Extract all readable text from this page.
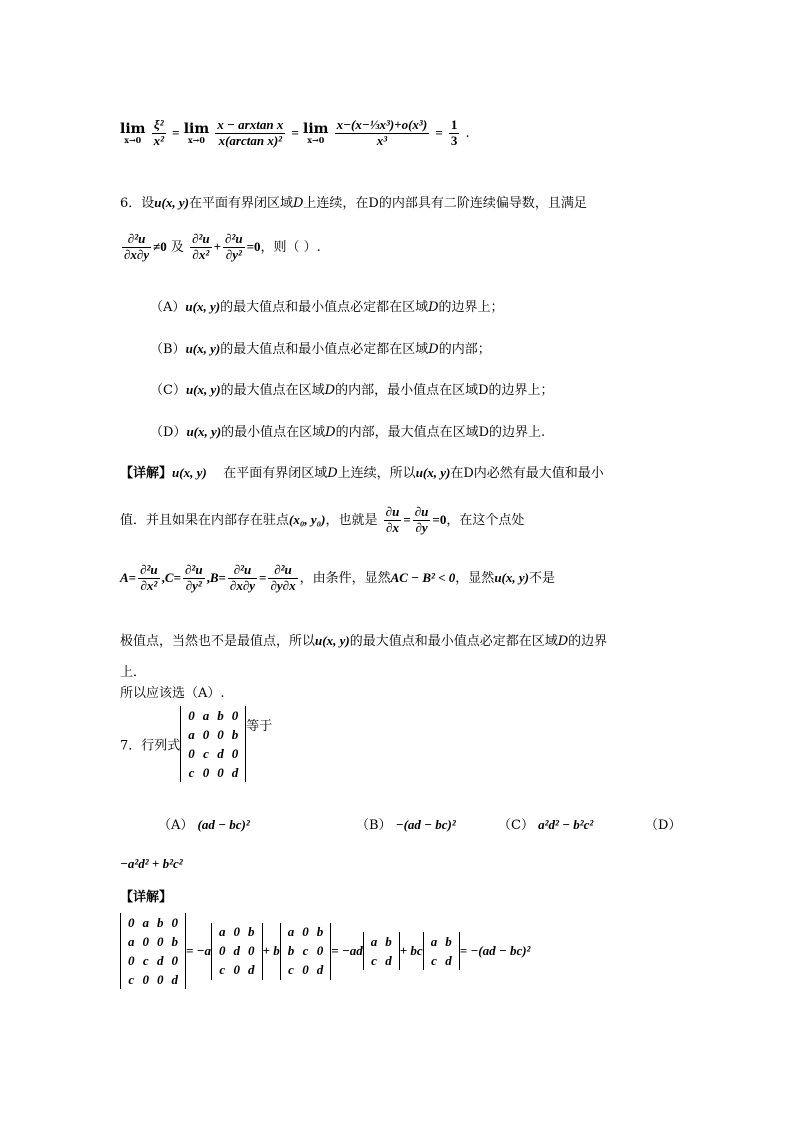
lim
x→0
$\frac{\text{ξ²}}{\text{x²}} = \lim$
x→0
$\frac{\text{x − arxtan x}}{\text{x(arctan x)²}} = \lim$
x→0
$\frac{\text{x−(x−⅓x³)+o(x³)}}{\text{x³}} = \frac{1}{3}$ .
6．设u(x, y)在平面有界闭区域D上连续，在D的内部具有二阶连续偏导数，且满足
$\frac{\text{∂²u}}{\partial x\partial y} \ne 0$ 及 $\frac{\text{∂²u}}{\text{∂x²}} + \frac{\text{∂²u}}{\text{∂y²}} =0$，则（ ）.
（A）u(x, y)的最大值点和最小值点必定都在区域D的边界上；
（B）u(x, y)的最大值点和最小值点必定都在区域D的内部；
（C）u(x, y)的最大值点在区域D的内部，最小值点在区域D的边界上；
（D）u(x, y)的最小值点在区域D的内部，最大值点在区域D的边界上.
【详解】u(x, y) 在平面有界闭区域D上连续，所以u(x, y)在D内必然有最大值和最小
值．并且如果在内部存在驻点(x₀, y₀)，也就是 $\frac{\partial u}{\partial x} = \frac{\partial u}{\partial y} =0$，在这个点处
$A= \frac{\text{∂²u}}{\text{∂x²}} ,C= \frac{\text{∂²u}}{\text{∂y²}} ,B= \frac{\text{∂²u}}{\partial x\partial y} = \frac{\text{∂²u}}{\partial y\partial x}$ ，由条件，显然AC − B² < 0，显然u(x, y)不是
极值点，当然也不是最值点，所以u(x, y)的最大值点和最小值点必定都在区域D的边界
上．
所以应该选（A）.
7．行列式
0	a	b	0
a	0	0	b
0	c	d	0
c	0	0	d
等于
（A） (ad − bc)²	（B） −(ad − bc)²	（C） a²d² − b²c²	（D）
−a²d² + b²c²
【详解】
0	a	b	0
a	0	0	b
0	c	d	0
c	0	0	d
= −a
a	0	b
0	d	0
c	0	d
+ b
a	0	b
b	c	0
c	0	d
= −ad
a	b
c	d
+ bc
a	b
c	d
= −(ad − bc)²
